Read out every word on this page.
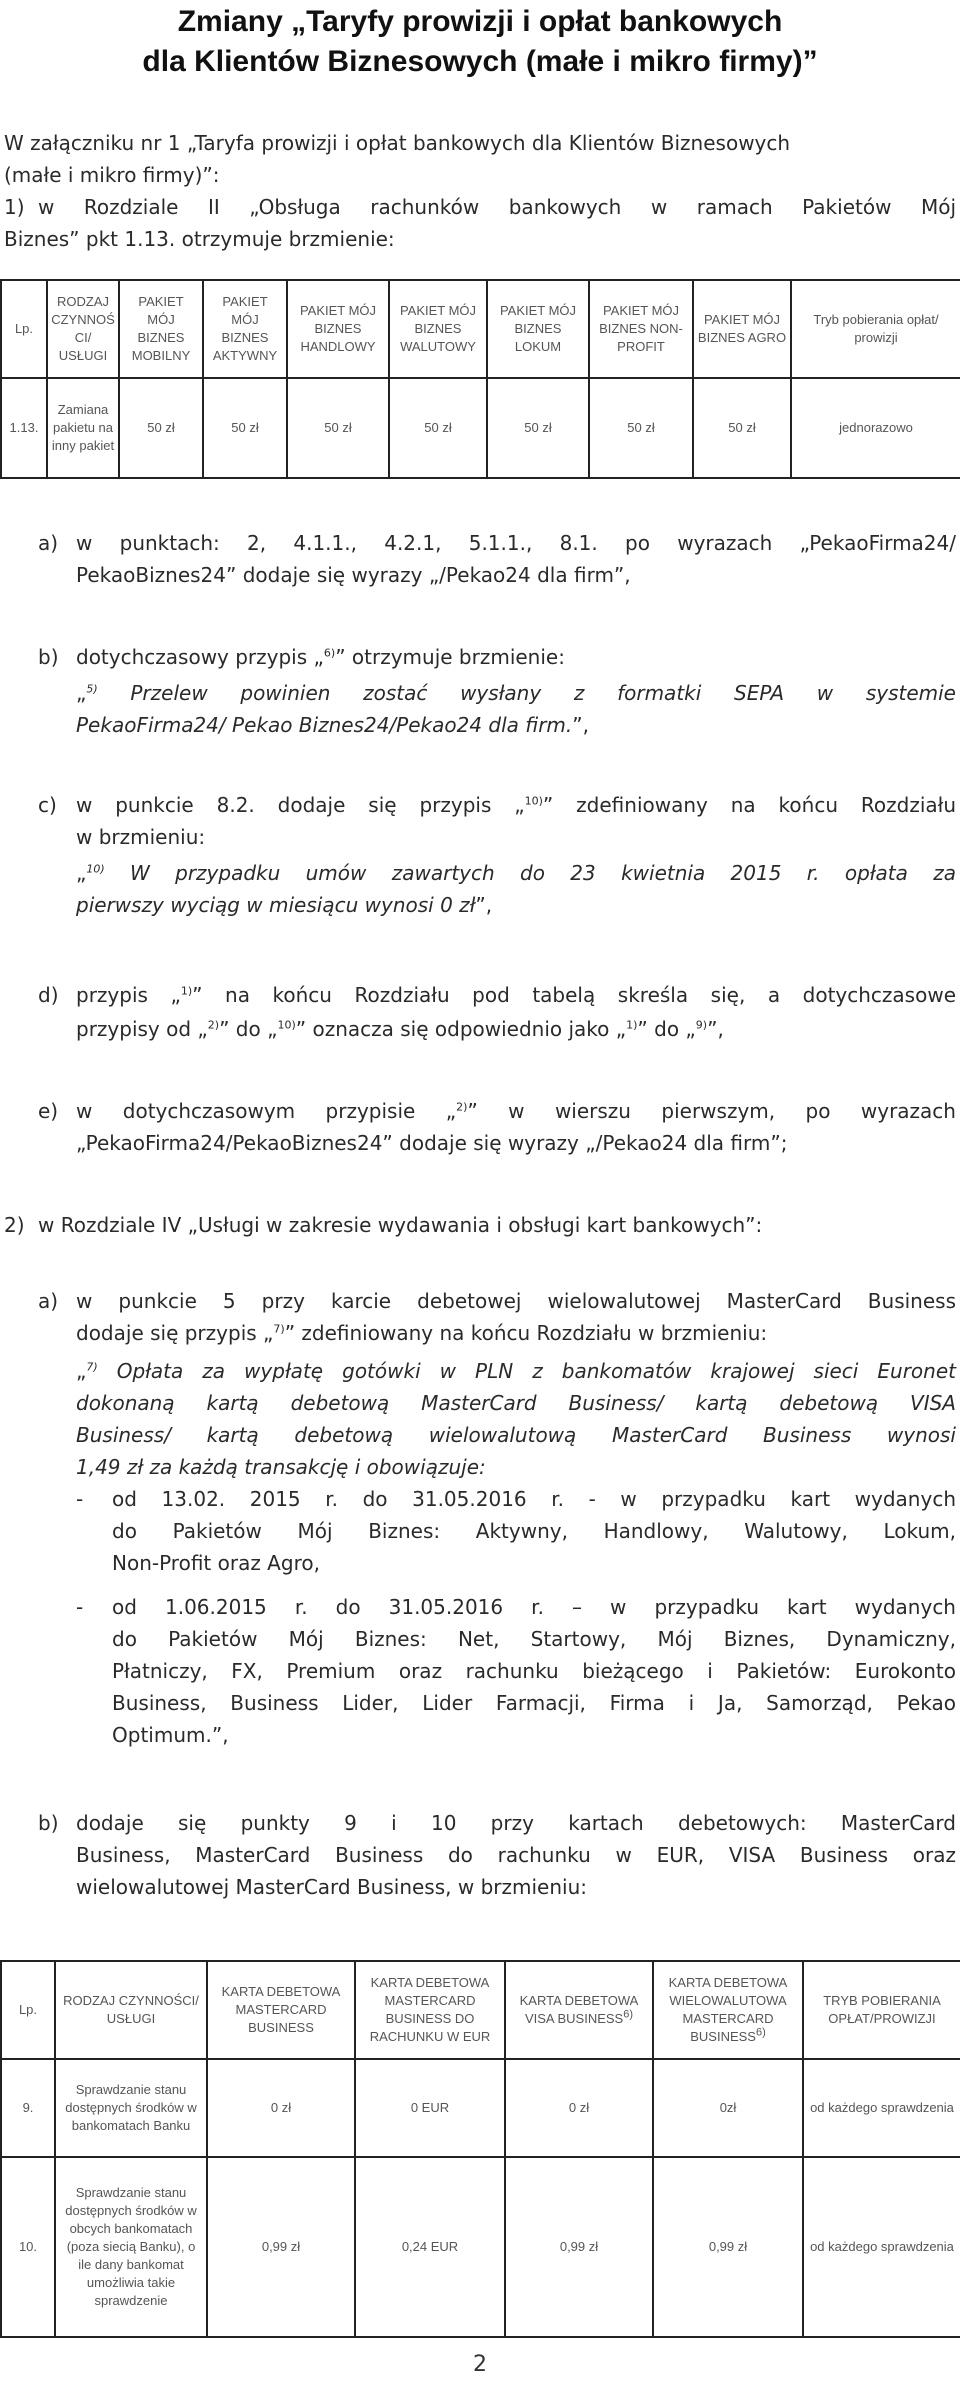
Zmiany „Taryfy prowizji i opłat bankowych
dla Klientów Biznesowych (małe i mikro firmy)”
W załączniku nr 1 „Taryfa prowizji i opłat bankowych dla Klientów Biznesowych
(małe i mikro firmy)”:
1) w Rozdziale II „Obsługa rachunków bankowych w ramach Pakietów Mój
Biznes” pkt 1.13. otrzymuje brzmienie:
Lp.	RODZAJ CZYNNOŚCI/ USŁUGI	PAKIET MÓJ BIZNES MOBILNY	PAKIET MÓJ BIZNES AKTYWNY	PAKIET MÓJ BIZNES HANDLOWY	PAKIET MÓJ BIZNES WALUTOWY	PAKIET MÓJ BIZNES LOKUM	PAKIET MÓJ BIZNES NON-PROFIT	PAKIET MÓJ BIZNES AGRO	Tryb pobierania opłat/ prowizji
1.13.	Zamiana pakietu na inny pakiet	50 zł	50 zł	50 zł	50 zł	50 zł	50 zł	50 zł	jednorazowo
a) w punktach: 2, 4.1.1., 4.2.1, 5.1.1., 8.1. po wyrazach „PekaoFirma24/
PekaoBiznes24” dodaje się wyrazy „/Pekao24 dla firm”,
b) dotychczasowy przypis „$^{6)}$” otrzymuje brzmienie:
„$^{5)}$ Przelew powinien zostać wysłany z formatki SEPA w systemie
PekaoFirma24/ Pekao Biznes24/Pekao24 dla firm.”,
c) w punkcie 8.2. dodaje się przypis „$^{10)}$” zdefiniowany na końcu Rozdziału
w brzmieniu:
„$^{10)}$ W przypadku umów zawartych do 23 kwietnia 2015 r. opłata za
pierwszy wyciąg w miesiącu wynosi 0 zł”,
d) przypis „$^{1)}$” na końcu Rozdziału pod tabelą skreśla się, a dotychczasowe
przypisy od „$^{2)}$” do „$^{10)}$” oznacza się odpowiednio jako „$^{1)}$” do „$^{9)}$”,
e) w dotychczasowym przypisie „$^{2)}$” w wierszu pierwszym, po wyrazach
„PekaoFirma24/PekaoBiznes24” dodaje się wyrazy „/Pekao24 dla firm”;
2) w Rozdziale IV „Usługi w zakresie wydawania i obsługi kart bankowych”:
a) w punkcie 5 przy karcie debetowej wielowalutowej MasterCard Business
dodaje się przypis „$^{7)}$” zdefiniowany na końcu Rozdziału w brzmieniu:
„$^{7)}$ Opłata za wypłatę gotówki w PLN z bankomatów krajowej sieci Euronet
dokonaną kartą debetową MasterCard Business/ kartą debetową VISA
Business/ kartą debetową wielowalutową MasterCard Business wynosi
1,49 zł za każdą transakcję i obowiązuje:
- od 13.02. 2015 r. do 31.05.2016 r. - w przypadku kart wydanych
do Pakietów Mój Biznes: Aktywny, Handlowy, Walutowy, Lokum,
Non-Profit oraz Agro,
- od 1.06.2015 r. do 31.05.2016 r. – w przypadku kart wydanych
do Pakietów Mój Biznes: Net, Startowy, Mój Biznes, Dynamiczny,
Płatniczy, FX, Premium oraz rachunku bieżącego i Pakietów: Eurokonto
Business, Business Lider, Lider Farmacji, Firma i Ja, Samorząd, Pekao
Optimum.”,
b) dodaje się punkty 9 i 10 przy kartach debetowych: MasterCard
Business, MasterCard Business do rachunku w EUR, VISA Business oraz
wielowalutowej MasterCard Business, w brzmieniu:
Lp.	RODZAJ CZYNNOŚCI/ USŁUGI	KARTA DEBETOWA MASTERCARD BUSINESS	KARTA DEBETOWA MASTERCARD BUSINESS DO RACHUNKU W EUR	KARTA DEBETOWA VISA BUSINESS$^{6)}$	KARTA DEBETOWA WIELOWALUTOWA MASTERCARD BUSINESS$^{6)}$	TRYB POBIERANIA OPŁAT/PROWIZJI
9.	Sprawdzanie stanu dostępnych środków w bankomatach Banku	0 zł	0 EUR	0 zł	0zł	od każdego sprawdzenia
10.	Sprawdzanie stanu dostępnych środków w obcych bankomatach (poza siecią Banku), o ile dany bankomat umożliwia takie sprawdzenie	0,99 zł	0,24 EUR	0,99 zł	0,99 zł	od każdego sprawdzenia
2
